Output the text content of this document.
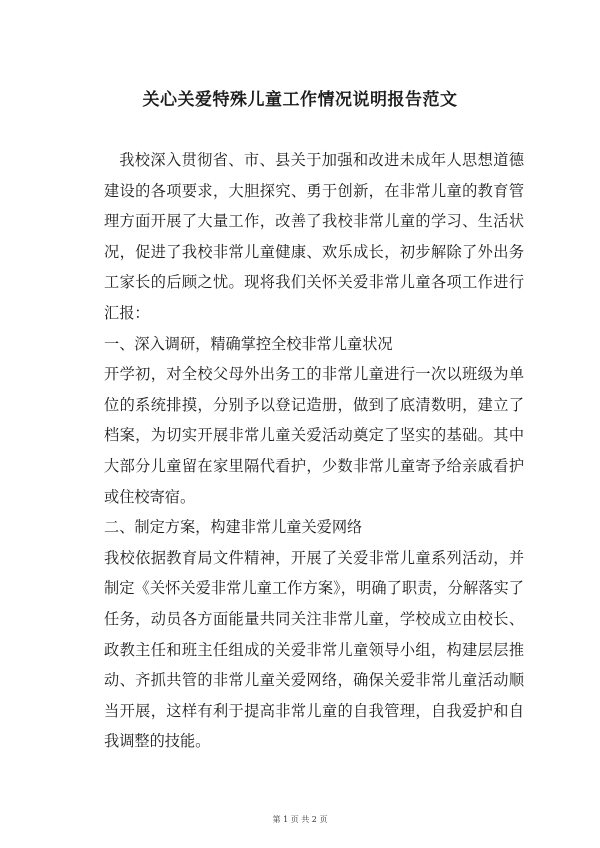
关心关爱特殊儿童工作情况说明报告范文

我校深入贯彻省、市、县关于加强和改进未成年人思想道德建设的各项要求，大胆探究、勇于创新，在非常儿童的教育管理方面开展了大量工作，改善了我校非常儿童的学习、生活状况，促进了我校非常儿童健康、欢乐成长，初步解除了外出务工家长的后顾之忧。现将我们关怀关爱非常儿童各项工作进行汇报：

一、深入调研，精确掌控全校非常儿童状况

开学初，对全校父母外出务工的非常儿童进行一次以班级为单位的系统排摸，分别予以登记造册，做到了底清数明，建立了档案，为切实开展非常儿童关爱活动奠定了坚实的基础。其中大部分儿童留在家里隔代看护，少数非常儿童寄予给亲戚看护或住校寄宿。

二、制定方案，构建非常儿童关爱网络

我校依据教育局文件精神，开展了关爱非常儿童系列活动，并制定《关怀关爱非常儿童工作方案》，明确了职责，分解落实了任务，动员各方面能量共同关注非常儿童，学校成立由校长、政教主任和班主任组成的关爱非常儿童领导小组，构建层层推动、齐抓共管的非常儿童关爱网络，确保关爱非常儿童活动顺当开展，这样有利于提高非常儿童的自我管理，自我爱护和自我调整的技能。

第 1 页 共 2 页
